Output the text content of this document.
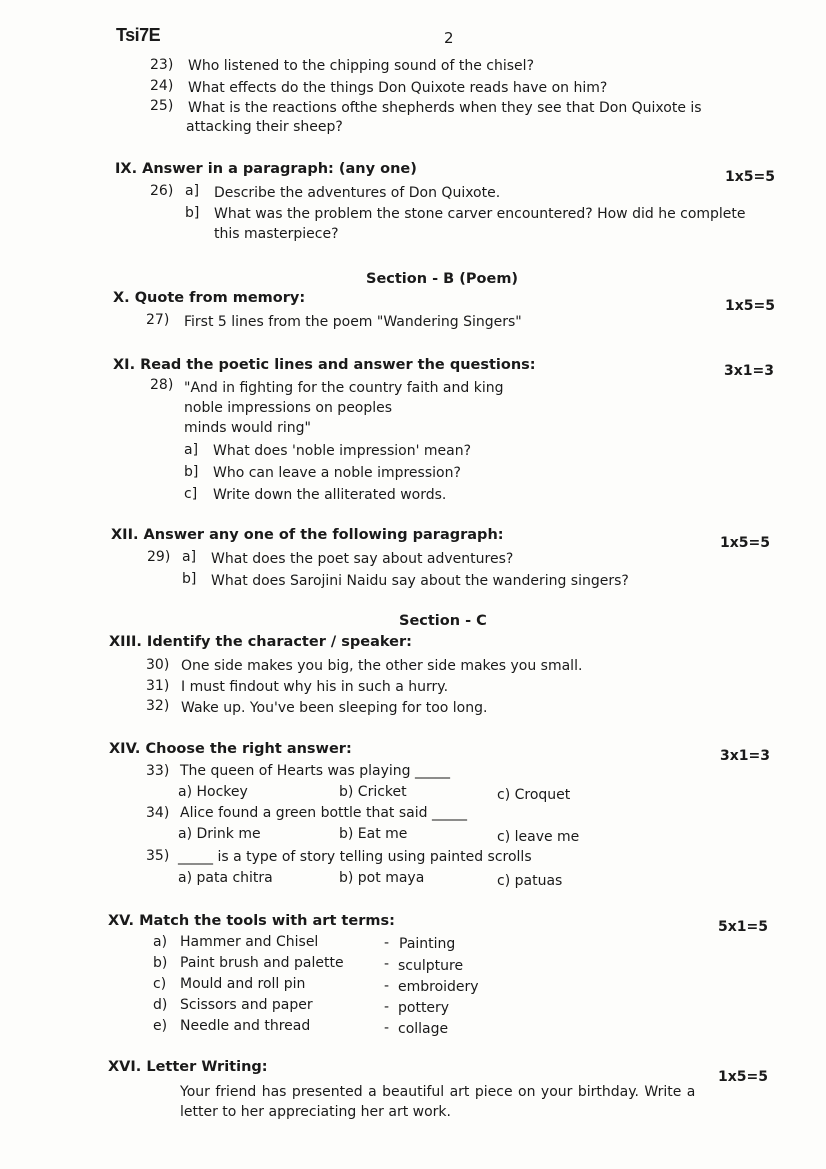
Tsi7E	2
23) Who listened to the chipping sound of the chisel?
24) What effects do the things Don Quixote reads have on him?
25) What is the reactions ofthe shepherds when they see that Don Quixote is
attacking their sheep?
IX. Answer in a paragraph: (any one)	1x5=5
26) a] Describe the adventures of Don Quixote.
b] What was the problem the stone carver encountered? How did he complete
this masterpiece?
Section - B (Poem)
X. Quote from memory:	1x5=5
27) First 5 lines from the poem "Wandering Singers"
XI. Read the poetic lines and answer the questions:	3x1=3
28) "And in fighting for the country faith and king
noble impressions on peoples
minds would ring"
a] What does 'noble impression' mean?
b] Who can leave a noble impression?
c] Write down the alliterated words.
XII. Answer any one of the following paragraph:	1x5=5
29) a] What does the poet say about adventures?
b] What does Sarojini Naidu say about the wandering singers?
Section - C
XIII. Identify the character / speaker:
30) One side makes you big, the other side makes you small.
31) I must findout why his in such a hurry.
32) Wake up. You've been sleeping for too long.
XIV. Choose the right answer:	3x1=3
33) The queen of Hearts was playing _____
a) Hockey	b) Cricket	c) Croquet
34) Alice found a green bottle that said _____
a) Drink me	b) Eat me	c) leave me
35) _____ is a type of story telling using painted scrolls
a) pata chitra	b) pot maya	c) patuas
XV. Match the tools with art terms:	5x1=5
a) Hammer and Chisel	- Painting
b) Paint brush and palette	- sculpture
c) Mould and roll pin	- embroidery
d) Scissors and paper	- pottery
e) Needle and thread	- collage
XVI. Letter Writing:
1x5=5
Your friend has presented a beautiful art piece on your birthday. Write a
letter to her appreciating her art work.
